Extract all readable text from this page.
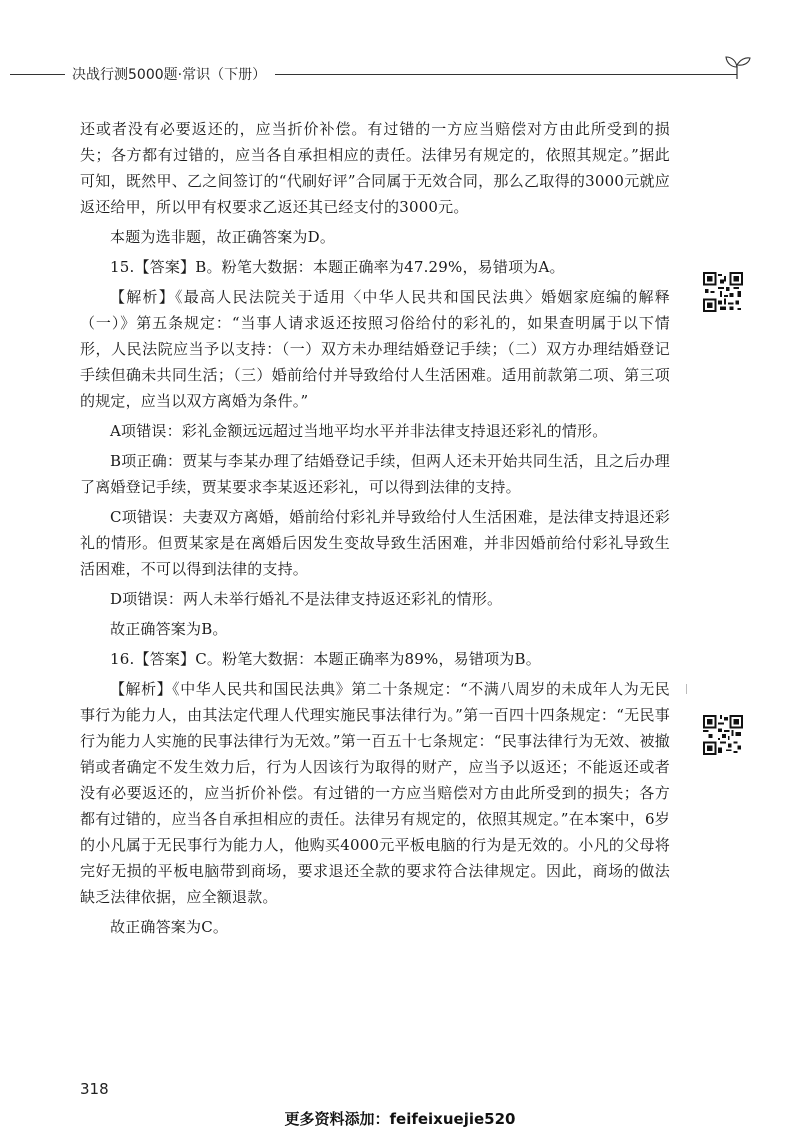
决战行测5000题·常识（下册）

还或者没有必要返还的，应当折价补偿。有过错的一方应当赔偿对方由此所受到的损失；各方都有过错的，应当各自承担相应的责任。法律另有规定的，依照其规定。”据此可知，既然甲、乙之间签订的“代刷好评”合同属于无效合同，那么乙取得的3000元就应返还给甲，所以甲有权要求乙返还其已经支付的3000元。

本题为选非题，故正确答案为D。

15.【答案】B。粉笔大数据：本题正确率为47.29%，易错项为A。

【解析】《最高人民法院关于适用〈中华人民共和国民法典〉婚姻家庭编的解释（一）》第五条规定：“当事人请求返还按照习俗给付的彩礼的，如果查明属于以下情形，人民法院应当予以支持：（一）双方未办理结婚登记手续；（二）双方办理结婚登记手续但确未共同生活；（三）婚前给付并导致给付人生活困难。适用前款第二项、第三项的规定，应当以双方离婚为条件。”

A项错误：彩礼金额远远超过当地平均水平并非法律支持退还彩礼的情形。

B项正确：贾某与李某办理了结婚登记手续，但两人还未开始共同生活，且之后办理了离婚登记手续，贾某要求李某返还彩礼，可以得到法律的支持。

C项错误：夫妻双方离婚，婚前给付彩礼并导致给付人生活困难，是法律支持退还彩礼的情形。但贾某家是在离婚后因发生变故导致生活困难，并非因婚前给付彩礼导致生活困难，不可以得到法律的支持。

D项错误：两人未举行婚礼不是法律支持返还彩礼的情形。

故正确答案为B。

16.【答案】C。粉笔大数据：本题正确率为89%，易错项为B。

【解析】《中华人民共和国民法典》第二十条规定：“不满八周岁的未成年人为无民事行为能力人，由其法定代理人代理实施民事法律行为。”第一百四十四条规定：“无民事行为能力人实施的民事法律行为无效。”第一百五十七条规定：“民事法律行为无效、被撤销或者确定不发生效力后，行为人因该行为取得的财产，应当予以返还；不能返还或者没有必要返还的，应当折价补偿。有过错的一方应当赔偿对方由此所受到的损失；各方都有过错的，应当各自承担相应的责任。法律另有规定的，依照其规定。”在本案中，6岁的小凡属于无民事行为能力人，他购买4000元平板电脑的行为是无效的。小凡的父母将完好无损的平板电脑带到商场，要求退还全款的要求符合法律规定。因此，商场的做法缺乏法律依据，应全额退款。

故正确答案为C。

318
更多资料添加：feifeixuejie520
